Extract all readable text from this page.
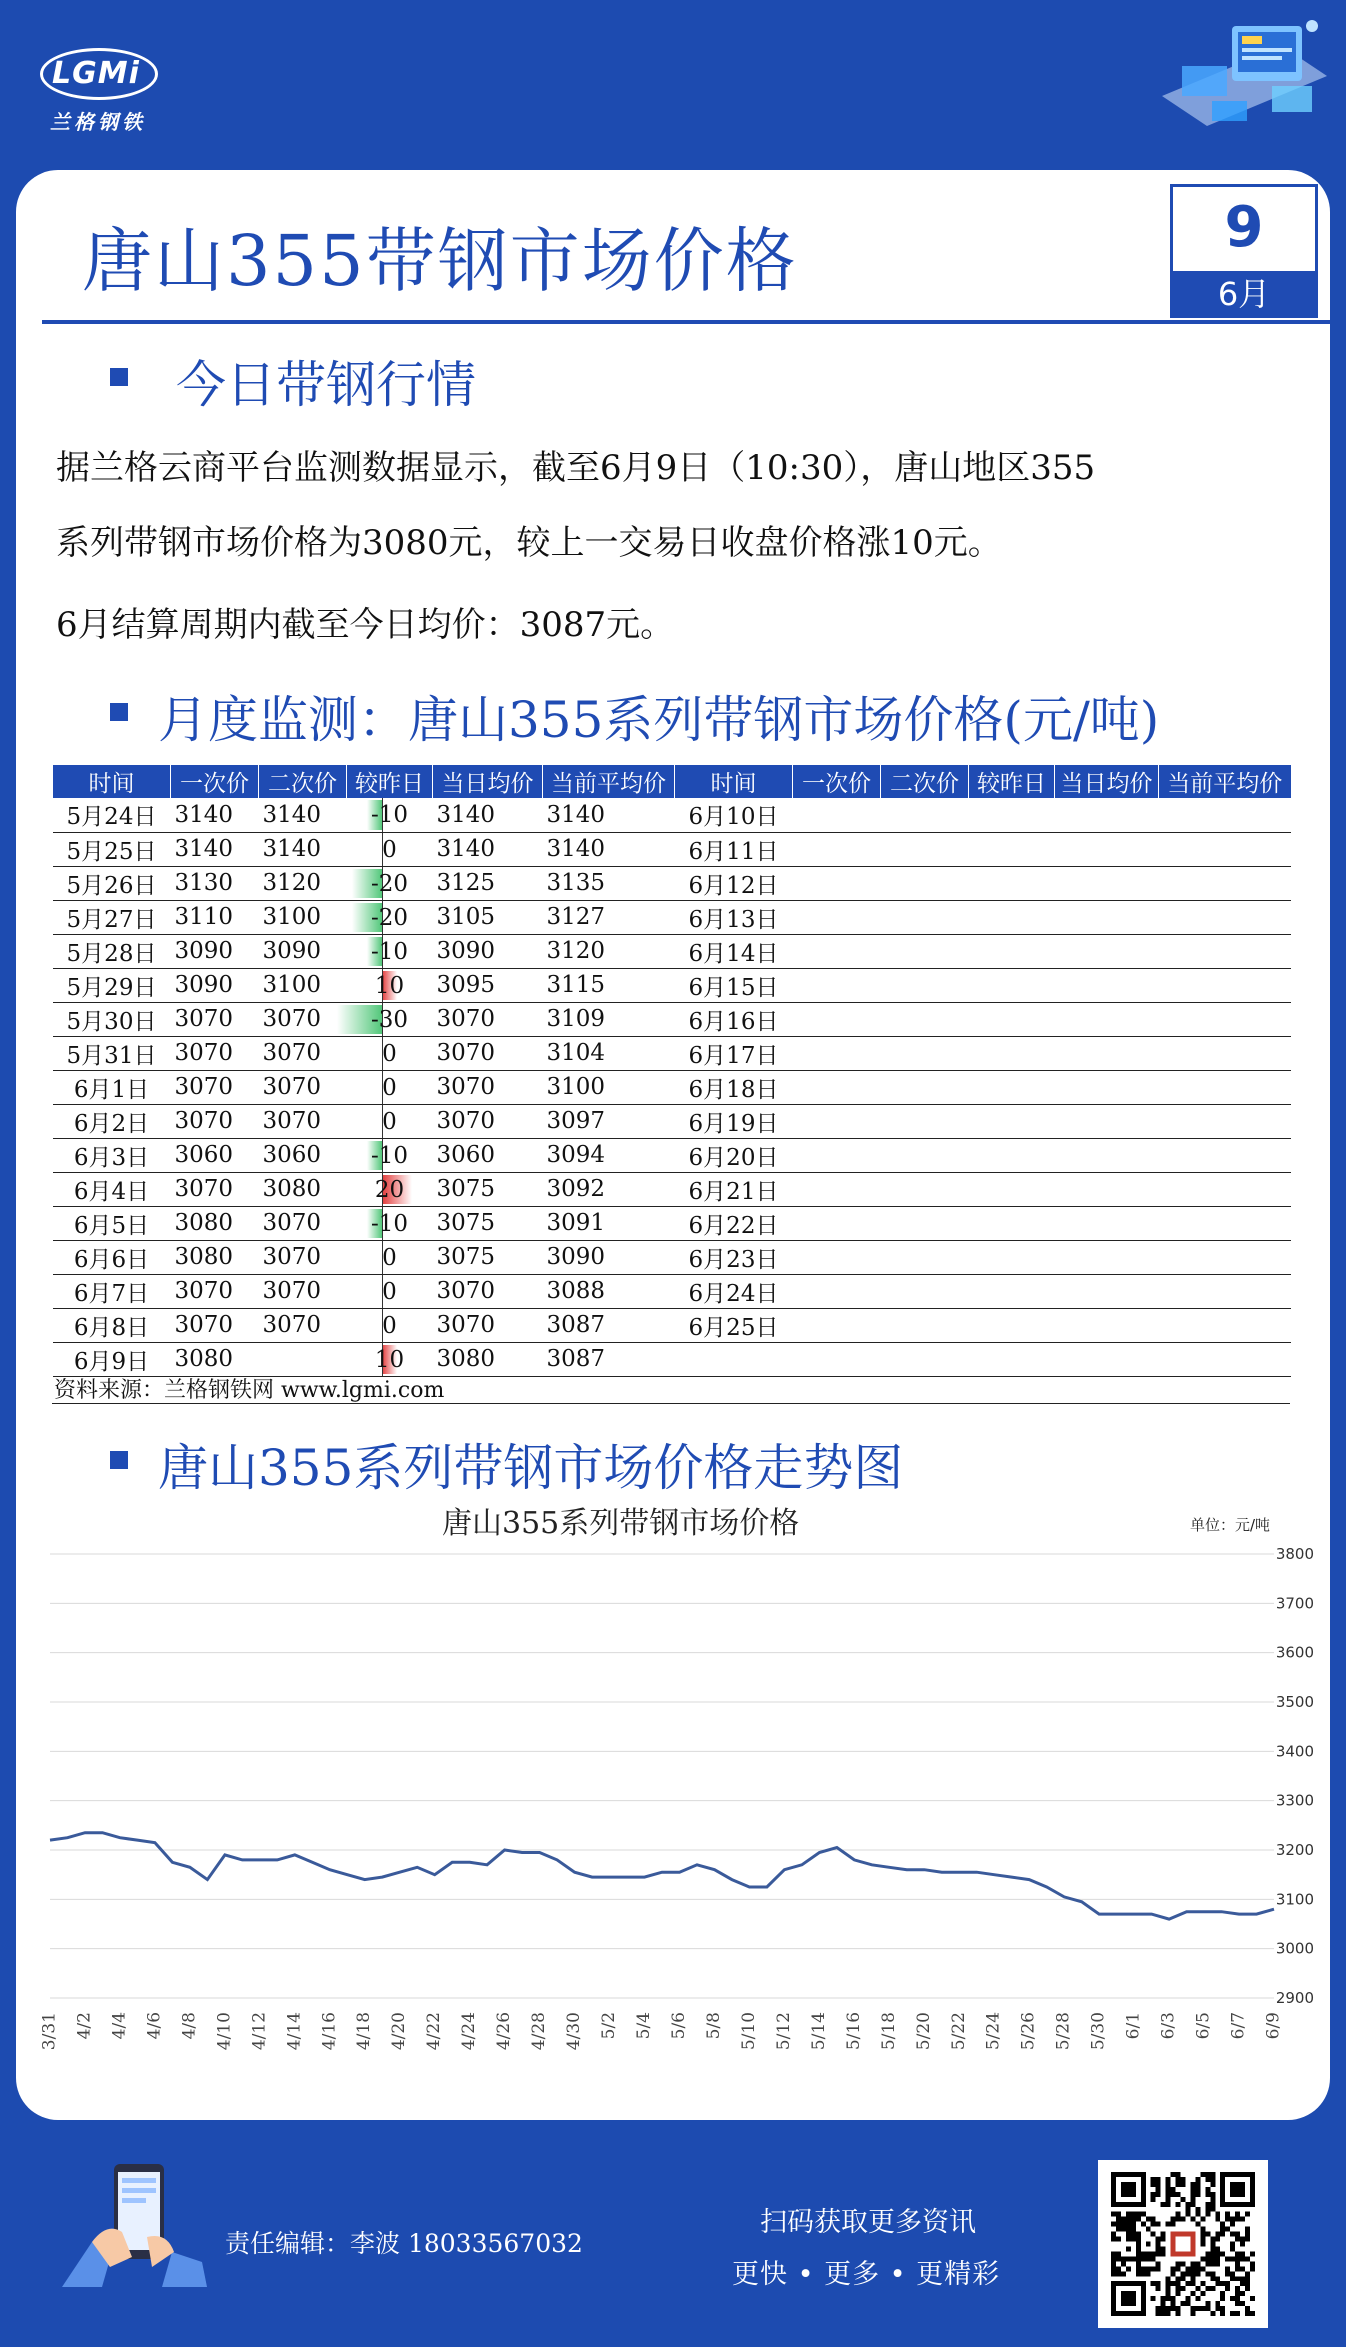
LGMi
兰格钢铁
唐山355带钢市场价格	9
6月
今日带钢行情
据兰格云商平台监测数据显示，截至6月9日（10:30），唐山地区355
系列带钢市场价格为3080元，较上一交易日收盘价格涨10元。
6月结算周期内截至今日均价：3087元。
月度监测：唐山355系列带钢市场价格(元/吨)
时间	一次价	二次价	较昨日	当日均价	当前平均价	时间	一次价	二次价	较昨日	当日均价	当前平均价
5月24日	3140	3140	-10	3140	3140	6月10日					
5月25日	3140	3140	0	3140	3140	6月11日					
5月26日	3130	3120	-20	3125	3135	6月12日					
5月27日	3110	3100	-20	3105	3127	6月13日					
5月28日	3090	3090	-10	3090	3120	6月14日					
5月29日	3090	3100	10	3095	3115	6月15日					
5月30日	3070	3070	-30	3070	3109	6月16日					
5月31日	3070	3070	0	3070	3104	6月17日					
6月1日	3070	3070	0	3070	3100	6月18日					
6月2日	3070	3070	0	3070	3097	6月19日					
6月3日	3060	3060	-10	3060	3094	6月20日					
6月4日	3070	3080	20	3075	3092	6月21日					
6月5日	3080	3070	-10	3075	3091	6月22日					
6月6日	3080	3070	0	3075	3090	6月23日					
6月7日	3070	3070	0	3070	3088	6月24日					
6月8日	3070	3070	0	3070	3087	6月25日					
6月9日	3080		10	3080	3087						
资料来源：兰格钢铁网 www.lgmi.com
唐山355系列带钢市场价格走势图
2900
3000
3100
3200
3300
3400
3500
3600
3700
3800
3/31 4/2 4/4 4/6 4/8 4/10 4/12 4/14 4/16 4/18 4/20 4/22 4/24 4/26 4/28 4/30 5/2 5/4 5/6 5/8 5/10 5/12 5/14 5/16 5/18 5/20 5/22 5/24 5/26 5/28 5/30 6/1 6/3 6/5 6/7 6/9
唐山355系列带钢市场价格	单位：元/吨
责任编辑：李波 18033567032
扫码获取更多资讯
更快 • 更多 • 更精彩
